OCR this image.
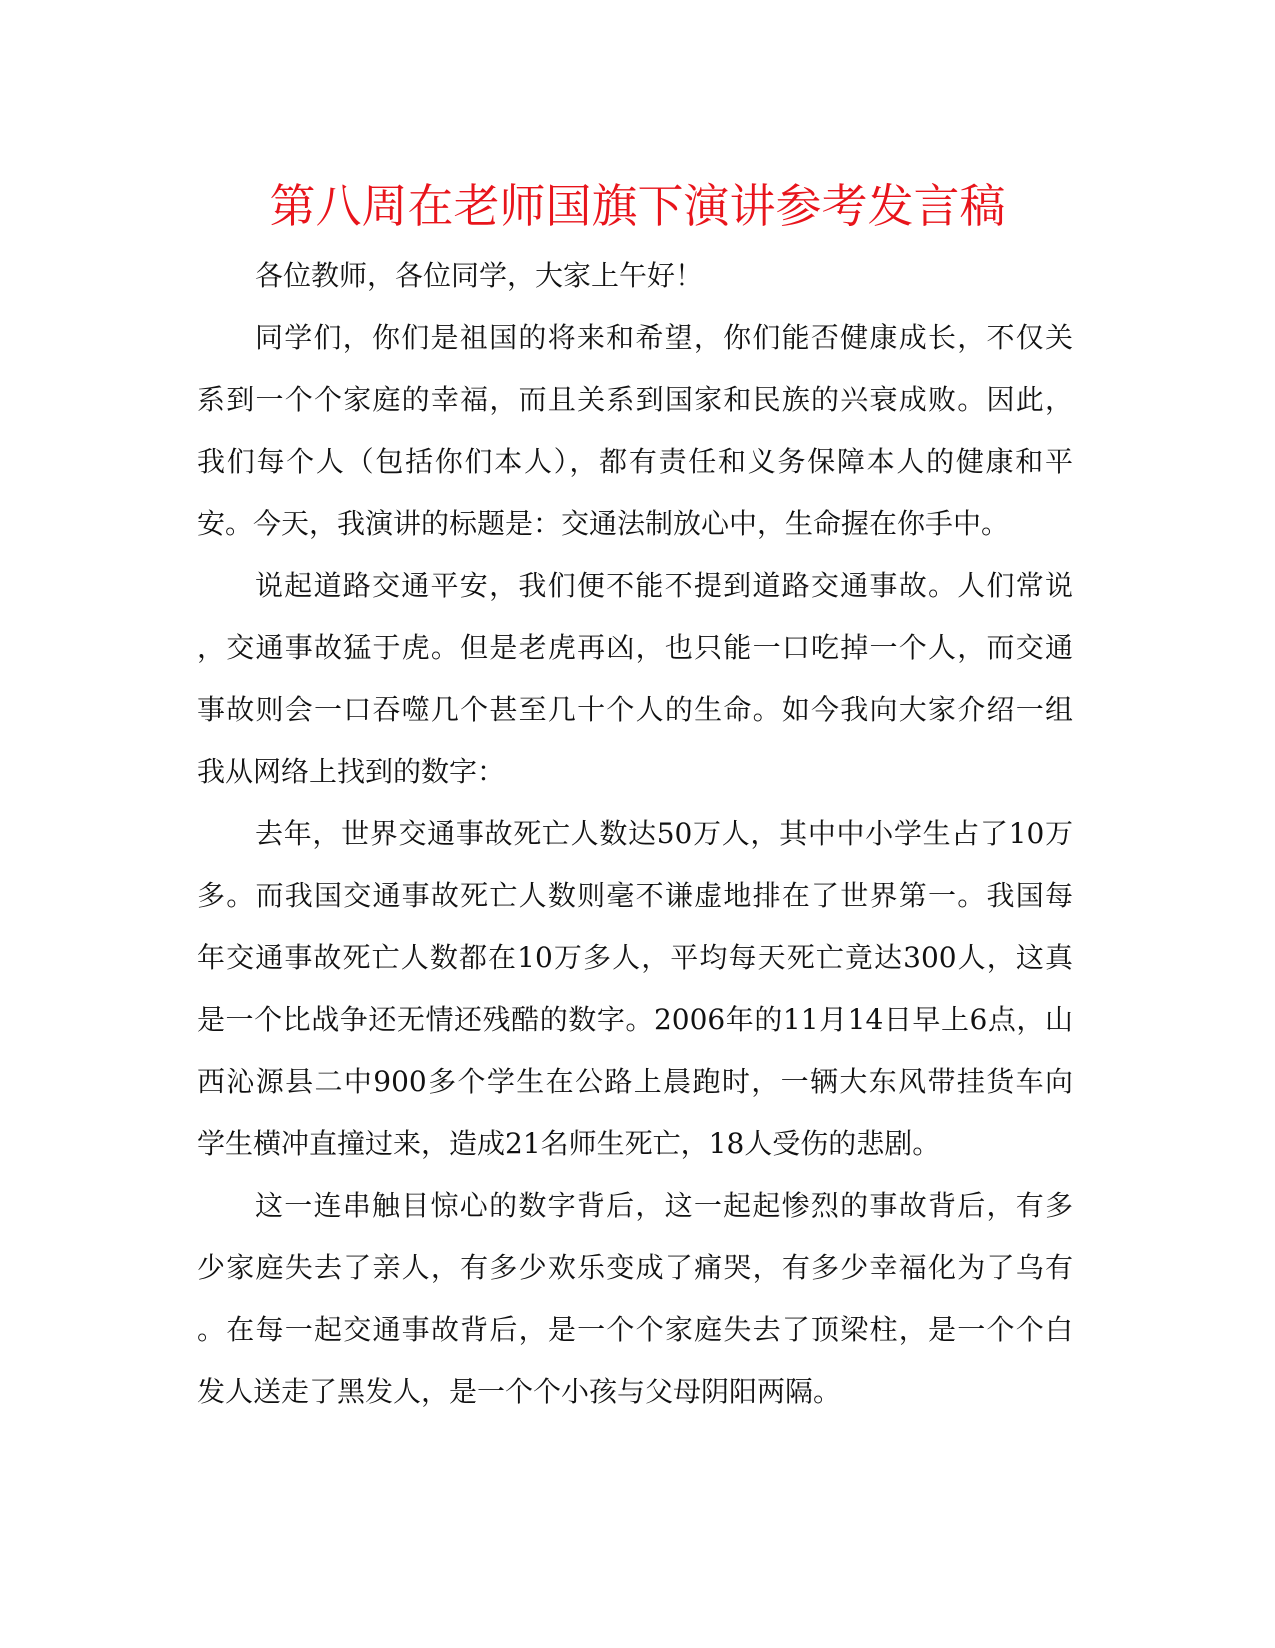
第八周在老师国旗下演讲参考发言稿
各位教师，各位同学，大家上午好！
同学们，你们是祖国的将来和希望，你们能否健康成长，不仅关
系到一个个家庭的幸福，而且关系到国家和民族的兴衰成败。因此，
我们每个人（包括你们本人），都有责任和义务保障本人的健康和平
安。今天，我演讲的标题是：交通法制放心中，生命握在你手中。
说起道路交通平安，我们便不能不提到道路交通事故。人们常说
，交通事故猛于虎。但是老虎再凶，也只能一口吃掉一个人，而交通
事故则会一口吞噬几个甚至几十个人的生命。如今我向大家介绍一组
我从网络上找到的数字：
去年，世界交通事故死亡人数达50万人，其中中小学生占了10万
多。而我国交通事故死亡人数则毫不谦虚地排在了世界第一。我国每
年交通事故死亡人数都在10万多人，平均每天死亡竟达300人，这真
是一个比战争还无情还残酷的数字。2006年的11月14日早上6点，山
西沁源县二中900多个学生在公路上晨跑时，一辆大东风带挂货车向
学生横冲直撞过来，造成21名师生死亡，18人受伤的悲剧。
这一连串触目惊心的数字背后，这一起起惨烈的事故背后，有多
少家庭失去了亲人，有多少欢乐变成了痛哭，有多少幸福化为了乌有
。在每一起交通事故背后，是一个个家庭失去了顶梁柱，是一个个白
发人送走了黑发人，是一个个小孩与父母阴阳两隔。
